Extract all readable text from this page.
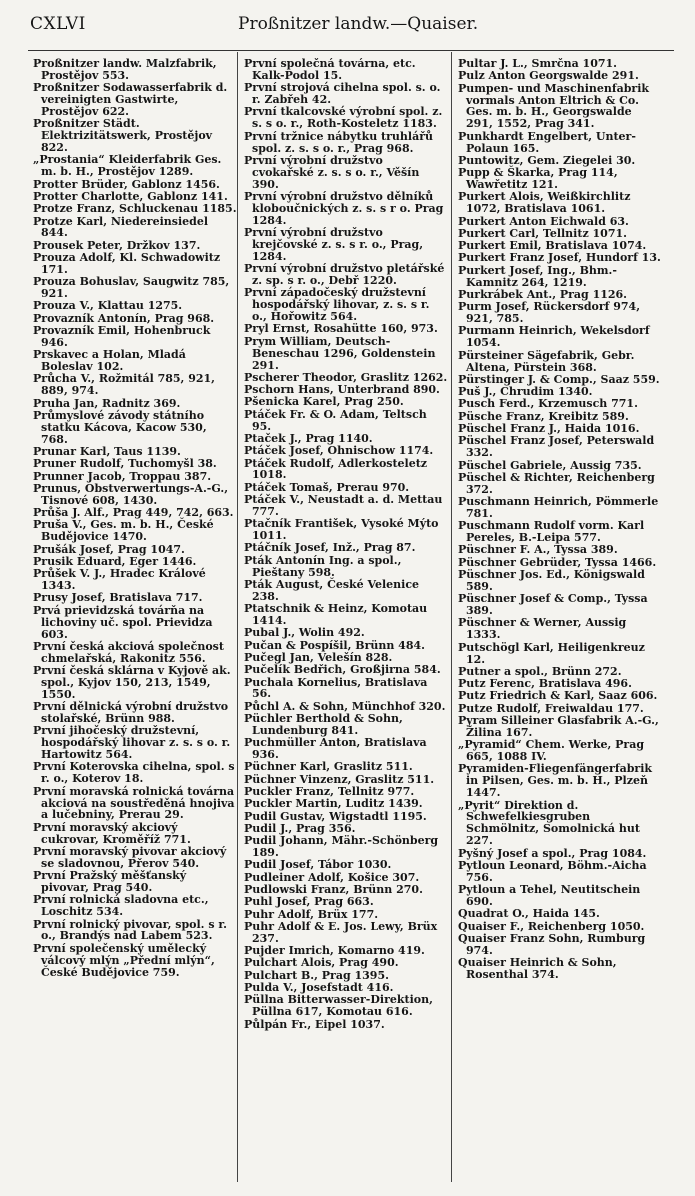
CXLVI	Proßnitzer landw.—Quaiser.
Proßnitzer landw. Malzfabrik, Prostějov 553.
Proßnitzer Sodawasserfabrik d. vereinigten Gastwirte, Prostějov 622.
Proßnitzer Städt. Elektrizitätswerk, Prostějov 822.
„Prostania“ Kleiderfabrik Ges. m. b. H., Prostějov 1289.
Protter Brüder, Gablonz 1456.
Protter Charlotte, Gablonz 141.
Protze Franz, Schluckenau 1185.
Protze Karl, Niedereinsiedel 844.
Prousek Peter, Držkov 137.
Prouza Adolf, Kl. Schwadowitz 171.
Prouza Bohuslav, Saugwitz 785, 921.
Prouza V., Klattau 1275.
Provazník Antonín, Prag 968.
Provazník Emil, Hohenbruck 946.
Prskavec a Holan, Mladá Boleslav 102.
Průcha V., Rožmitál 785, 921, 889, 974.
Pruha Jan, Radnitz 369.
Průmyslové závody státního statku Kácova, Kacow 530, 768.
Prunar Karl, Taus 1139.
Pruner Rudolf, Tuchomyšl 38.
Prunner Jacob, Troppau 387.
Prunus, Obstverwertungs-A.-G., Tisnové 608, 1430.
Průša J. Alf., Prag 449, 742, 663.
Pruša V., Ges. m. b. H., České Budějovice 1470.
Prušák Josef, Prag 1047.
Prusik Eduard, Eger 1446.
Průšek V. J., Hradec Králové 1343.
Prusy Josef, Bratislava 717.
Prvá prievidzská továrňa na lichoviny uč. spol. Prievidza 603.
První česká akciová společnost chmelařská, Rakonitz 556.
První česká sklárna v Kyjově ak. spol., Kyjov 150, 213, 1549, 1550.
První dělnická výrobní družstvo stolařské, Brünn 988.
První jihočeský družstevní, hospodářský lihovar z. s. s o. r. Hartowitz 564.
První Koterovska cihelna, spol. s r. o., Koterov 18.
První moravská rolnická továrna akciová na soustředěná hnojiva a lučebniny, Prerau 29.
První moravský akciový cukrovar, Kroměříž 771.
První moravský pivovar akciový se sladovnou, Přerov 540.
První Pražský měšťanský pivovar, Prag 540.
První rolnická sladovna etc., Loschitz 534.
První rolnický pivovar, spol. s r. o., Brandýs nad Labem 523.
První společenský umělecký válcový mlýn „Přední mlýn“, České Budějovice 759.
První společná továrna, etc. Kalk-Podol 15.
První strojová cihelna spol. s. o. r. Zabřeh 42.
První tkalcovské výrobní spol. z. s. s o. r., Roth-Kosteletz 1183.
První tržnice nábytku truhlářů spol. z. s. s o. r., Prag 968.
První výrobní družstvo cvokařské z. s. s o. r., Věšín 390.
První výrobní družstvo dělníků kloboučnických z. s. s r o. Prag 1284.
První výrobní družstvo krejčovské z. s. s r. o., Prag, 1284.
První výrobní družstvo pletářské z. sp. s r. o., Debř 1220.
První západočeský družstevní hospodářský lihovar, z. s. s r. o., Hořowitz 564.
Pryl Ernst, Rosahütte 160, 973.
Prym William, Deutsch-Beneschau 1296, Goldenstein 291.
Pscherer Theodor, Graslitz 1262.
Pschorn Hans, Unterbrand 890.
Pšenicka Karel, Prag 250.
Ptáček Fr. & O. Adam, Teltsch 95.
Ptaček J., Prag 1140.
Ptáček Josef, Ohnischow 1174.
Ptáček Rudolf, Adlerkosteletz 1018.
Ptáček Tomaš, Prerau 970.
Ptáček V., Neustadt a. d. Mettau 777.
Ptačník František, Vysoké Mýto 1011.
Ptáčník Josef, Inž., Prag 87.
Pták Antonín Ing. a spol., Pieštany 598.
Pták August, České Velenice 238.
Ptatschnik & Heinz, Komotau 1414.
Pubal J., Wolin 492.
Pučan & Pospíšil, Brünn 484.
Pučegl Jan, Velešín 828.
Pučelík Bedřich, Großjirna 584.
Puchala Kornelius, Bratislava 56.
Půchl A. & Sohn, Münchhof 320.
Püchler Berthold & Sohn, Lundenburg 841.
Puchmüller Anton, Bratislava 936.
Püchner Karl, Graslitz 511.
Püchner Vinzenz, Graslitz 511.
Puckler Franz, Tellnitz 977.
Puckler Martin, Luditz 1439.
Pudil Gustav, Wigstadtl 1195.
Pudil J., Prag 356.
Pudil Johann, Mähr.-Schönberg 189.
Pudil Josef, Tábor 1030.
Pudleiner Adolf, Košice 307.
Pudlowski Franz, Brünn 270.
Puhl Josef, Prag 663.
Puhr Adolf, Brüx 177.
Puhr Adolf & E. Jos. Lewy, Brüx 237.
Pujder Imrich, Komarno 419.
Pulchart Alois, Prag 490.
Pulchart B., Prag 1395.
Pulda V., Josefstadt 416.
Püllna Bitterwasser-Direktion, Püllna 617, Komotau 616.
Půlpán Fr., Eipel 1037.
Pultar J. L., Smrčna 1071.
Pulz Anton Georgswalde 291.
Pumpen- und Maschinenfabrik vormals Anton Eltrich & Co. Ges. m. b. H., Georgswalde 291, 1552, Prag 341.
Punkhardt Engelbert, Unter-Polaun 165.
Puntowitz, Gem. Ziegelei 30.
Pupp & Škarka, Prag 114, Wawřetitz 121.
Purkert Alois, Weißkirchlitz 1072, Bratislava 1061.
Purkert Anton Eichwald 63.
Purkert Carl, Tellnitz 1071.
Purkert Emil, Bratislava 1074.
Purkert Franz Josef, Hundorf 13.
Purkert Josef, Ing., Bhm.-Kamnitz 264, 1219.
Purkrábek Ant., Prag 1126.
Purm Josef, Rückersdorf 974, 921, 785.
Purmann Heinrich, Wekelsdorf 1054.
Pürsteiner Sägefabrik, Gebr. Altena, Pürstein 368.
Pürstinger J. & Comp., Saaz 559.
Puš J., Chrudim 1340.
Pusch Ferd., Krzemusch 771.
Püsche Franz, Kreibitz 589.
Püschel Franz J., Haida 1016.
Püschel Franz Josef, Peterswald 332.
Püschel Gabriele, Aussig 735.
Püschel & Richter, Reichenberg 372.
Puschmann Heinrich, Pömmerle 781.
Puschmann Rudolf vorm. Karl Pereles, B.-Leipa 577.
Püschner F. A., Tyssa 389.
Püschner Gebrüder, Tyssa 1466.
Püschner Jos. Ed., Königswald 589.
Püschner Josef & Comp., Tyssa 389.
Püschner & Werner, Aussig 1333.
Putschögl Karl, Heiligenkreuz 12.
Putner a spol., Brünn 272.
Putz Ferenc, Bratislava 496.
Putz Friedrich & Karl, Saaz 606.
Putze Rudolf, Freiwaldau 177.
Pyram Silleiner Glasfabrik A.-G., Žilina 167.
„Pyramid“ Chem. Werke, Prag 665, 1088 IV.
Pyramiden-Fliegenfängerfabrik in Pilsen, Ges. m. b. H., Plzeň 1447.
„Pyrit“ Direktion d. Schwefelkiesgruben Schmölnitz, Somolnická hut 227.
Pyšný Josef a spol., Prag 1084.
Pytloun Leonard, Böhm.-Aicha 756.
Pytloun a Tehel, Neutitschein 690.
Quadrat O., Haida 145.
Quaiser F., Reichenberg 1050.
Quaiser Franz Sohn, Rumburg 974.
Quaiser Heinrich & Sohn, Rosenthal 374.
